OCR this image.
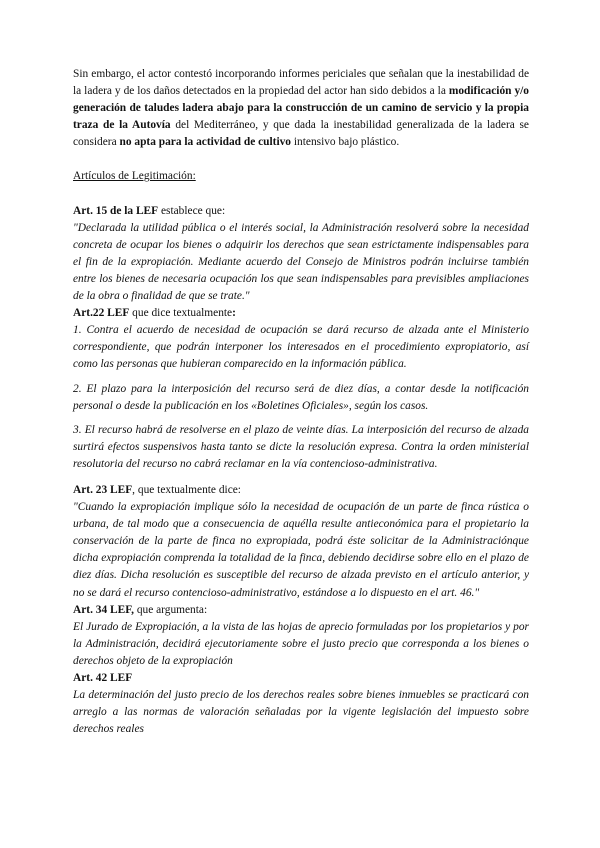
Sin embargo, el actor contestó incorporando informes periciales que señalan que la inestabilidad de la ladera y de los daños detectados en la propiedad del actor han sido debidos a la modificación y/o generación de taludes ladera abajo para la construcción de un camino de servicio y la propia traza de la Autovía del Mediterráneo, y que dada la inestabilidad generalizada de la ladera se considera no apta para la actividad de cultivo intensivo bajo plástico.

Artículos de Legitimación:

Art. 15 de la LEF establece que:

"Declarada la utilidad pública o el interés social, la Administración resolverá sobre la necesidad concreta de ocupar los bienes o adquirir los derechos que sean estrictamente indispensables para el fin de la expropiación. Mediante acuerdo del Consejo de Ministros podrán incluirse también entre los bienes de necesaria ocupación los que sean indispensables para previsibles ampliaciones de la obra o finalidad de que se trate."

Art.22 LEF que dice textualmente:

1. Contra el acuerdo de necesidad de ocupación se dará recurso de alzada ante el Ministerio correspondiente, que podrán interponer los interesados en el procedimiento expropiatorio, así como las personas que hubieran comparecido en la información pública.

2. El plazo para la interposición del recurso será de diez días, a contar desde la notificación personal o desde la publicación en los «Boletines Oficiales», según los casos.

3. El recurso habrá de resolverse en el plazo de veinte días. La interposición del recurso de alzada surtirá efectos suspensivos hasta tanto se dicte la resolución expresa. Contra la orden ministerial resolutoria del recurso no cabrá reclamar en la vía contencioso-administrativa.

Art. 23 LEF, que textualmente dice:

"Cuando la expropiación implique sólo la necesidad de ocupación de un parte de finca rústica o urbana, de tal modo que a consecuencia de aquélla resulte antieconómica para el propietario la conservación de la parte de finca no expropiada, podrá éste solicitar de la Administraciónque dicha expropiación comprenda la totalidad de la finca, debiendo decidirse sobre ello en el plazo de diez días. Dicha resolución es susceptible del recurso de alzada previsto en el artículo anterior, y no se dará el recurso contencioso-administrativo, estándose a lo dispuesto en el art. 46."

Art. 34 LEF, que argumenta:

El Jurado de Expropiación, a la vista de las hojas de aprecio formuladas por los propietarios y por la Administración, decidirá ejecutoriamente sobre el justo precio que corresponda a los bienes o derechos objeto de la expropiación

Art. 42 LEF

La determinación del justo precio de los derechos reales sobre bienes inmuebles se practicará con arreglo a las normas de valoración señaladas por la vigente legislación del impuesto sobre derechos reales
